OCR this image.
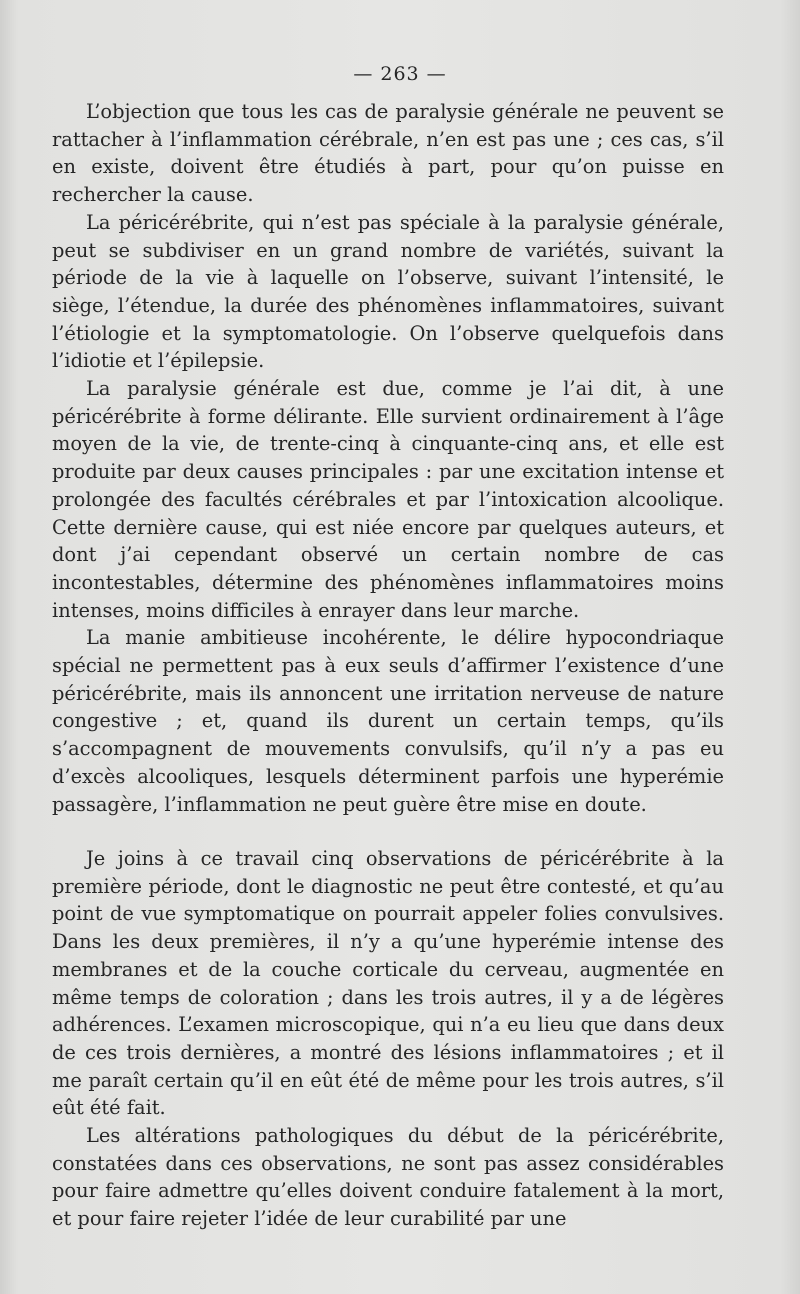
— 263 —

L’objection que tous les cas de paralysie générale ne peuvent se rattacher à l’inflammation cérébrale, n’en est pas une ; ces cas, s’il en existe, doivent être étudiés à part, pour qu’on puisse en rechercher la cause.

La péricérébrite, qui n’est pas spéciale à la paralysie générale, peut se subdiviser en un grand nombre de variétés, suivant la période de la vie à laquelle on l’observe, suivant l’intensité, le siège, l’étendue, la durée des phénomènes inflammatoires, suivant l’étiologie et la symptomatologie. On l’observe quelquefois dans l’idiotie et l’épilepsie.

La paralysie générale est due, comme je l’ai dit, à une péricérébrite à forme délirante. Elle survient ordinairement à l’âge moyen de la vie, de trente-cinq à cinquante-cinq ans, et elle est produite par deux causes principales : par une excitation intense et prolongée des facultés cérébrales et par l’intoxication alcoolique. Cette dernière cause, qui est niée encore par quelques auteurs, et dont j’ai cependant observé un certain nombre de cas incontestables, détermine des phénomènes inflammatoires moins intenses, moins difficiles à enrayer dans leur marche.

La manie ambitieuse incohérente, le délire hypocondriaque spécial ne permettent pas à eux seuls d’affirmer l’existence d’une péricérébrite, mais ils annoncent une irritation nerveuse de nature congestive ; et, quand ils durent un certain temps, qu’ils s’accompagnent de mouvements convulsifs, qu’il n’y a pas eu d’excès alcooliques, lesquels déterminent parfois une hyperémie passagère, l’inflammation ne peut guère être mise en doute.

Je joins à ce travail cinq observations de péricérébrite à la première période, dont le diagnostic ne peut être contesté, et qu’au point de vue symptomatique on pourrait appeler folies convulsives. Dans les deux premières, il n’y a qu’une hyperémie intense des membranes et de la couche corticale du cerveau, augmentée en même temps de coloration ; dans les trois autres, il y a de légères adhérences. L’examen microscopique, qui n’a eu lieu que dans deux de ces trois dernières, a montré des lésions inflammatoires ; et il me paraît certain qu’il en eût été de même pour les trois autres, s’il eût été fait.

Les altérations pathologiques du début de la péricérébrite, constatées dans ces observations, ne sont pas assez considérables pour faire admettre qu’elles doivent conduire fatalement à la mort, et pour faire rejeter l’idée de leur curabilité par une
